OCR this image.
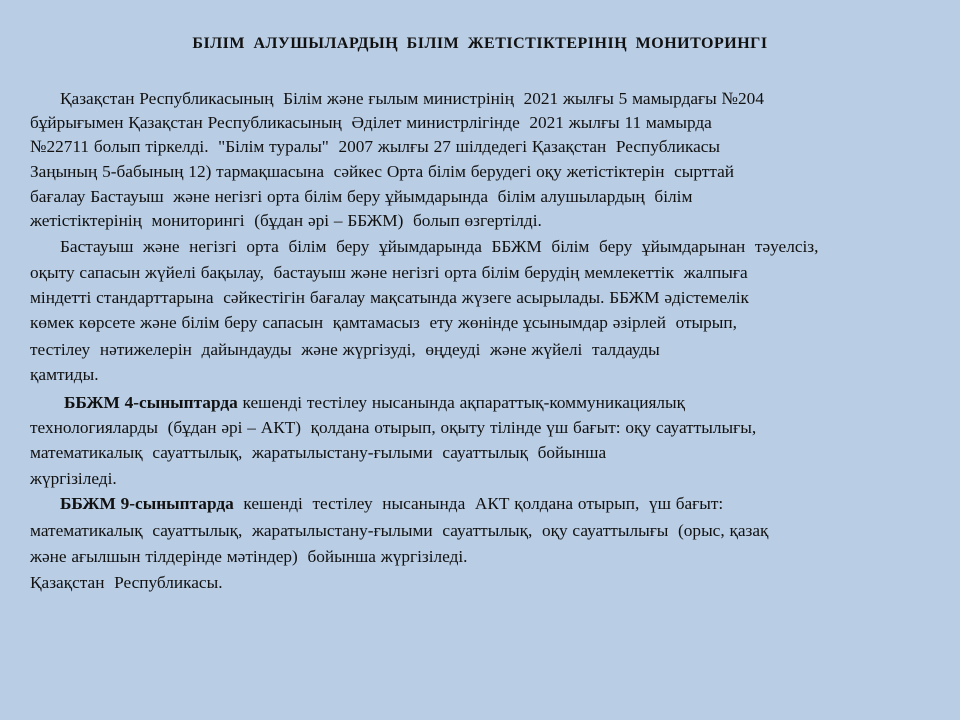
БІЛІМ АЛУШЫЛАРДЫҢ БІЛІМ ЖЕТІСТІКТЕРІНІҢ МОНИТОРИНГІ
Қазақстан Республикасының  Білім және ғылым министрінің  2021 жылғы 5 мамырдағы №204
бұйрығымен Қазақстан Республикасының  Әділет министрлігінде  2021 жылғы 11 мамырда
№22711 болып тіркелді.  "Білім туралы"  2007 жылғы 27 шілдедегі Қазақстан  Республикасы
Заңының 5-бабының 12) тармақшасына  сәйкес Орта білім берудегі оқу жетістіктерін  сырттай
бағалау Бастауыш  және негізгі орта білім беру ұйымдарында  білім алушылардың  білім
жетістіктерінің  мониторингі  (бұдан әрі – ББЖМ)  болып өзгертілді.
Бастауыш  және  негізгі  орта  білім  беру  ұйымдарында  ББЖМ  білім  беру  ұйымдарынан  тәуелсіз,
оқыту сапасын жүйелі бақылау,  бастауыш және негізгі орта білім берудің мемлекеттік  жалпыға
міндетті стандарттарына  сәйкестігін бағалау мақсатында жүзеге асырылады. ББЖМ әдістемелік
көмек көрсете және білім беру сапасын  қамтамасыз  ету жөнінде ұсынымдар әзірлей  отырып,
тестілеу  нәтижелерін  дайындауды  және жүргізуді,  өңдеуді  және жүйелі  талдауды
қамтиды.
ББЖМ 4-сыныптарда кешенді тестілеу нысанында ақпараттық-коммуникациялық
технологияларды  (бұдан әрі – АКТ)  қолдана отырып, оқыту тілінде үш бағыт: оқу сауаттылығы,
математикалық  сауаттылық,  жаратылыстану-ғылыми  сауаттылық  бойынша
жүргізіледі.
ББЖМ 9-сыныптарда  кешенді  тестілеу  нысанында  АКТ қолдана отырып,  үш бағыт:
математикалық  сауаттылық,  жаратылыстану-ғылыми  сауаттылық,  оқу сауаттылығы  (орыс, қазақ
және ағылшын тілдерінде мәтіндер)  бойынша жүргізіледі.
Қазақстан  Республикасы.
